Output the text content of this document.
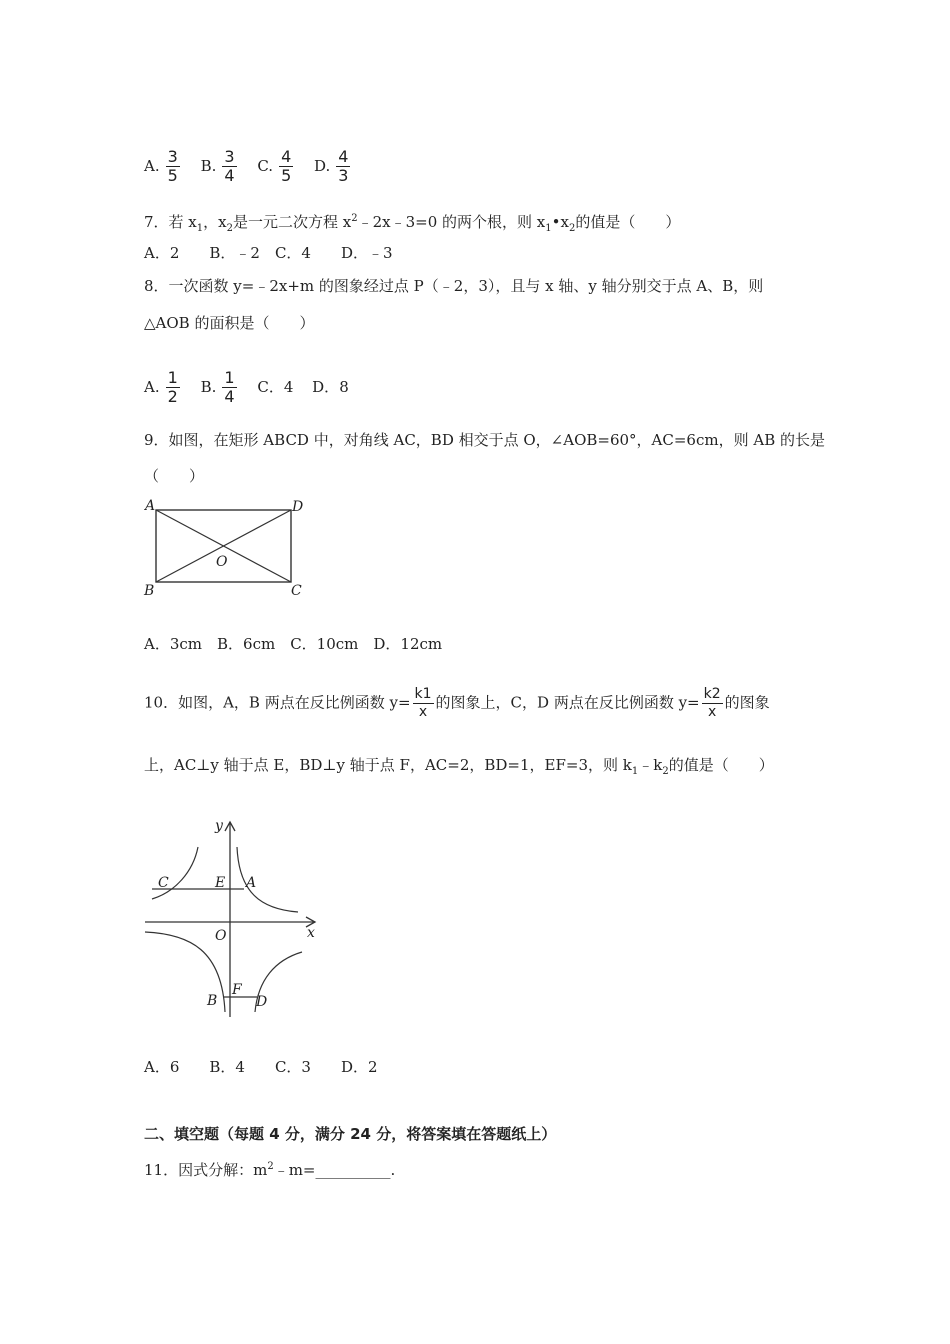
A. $\frac{3}{5} B$. $\frac{3}{4} C$. $\frac{4}{5} D$. $\frac{4}{3}$
7．若 $x_1$，$x_2$是一元二次方程 $x^2﹣2x﹣3=0$ 的两个根，则 $x_1•x_2$的值是（　　）
A．2　　B．﹣2　C．4　　D．﹣3
8．一次函数 y=﹣2x+m 的图象经过点 P（﹣2，3），且与 x 轴、y 轴分别交于点 A、B，则
△AOB 的面积是（　　）
A. $\frac{1}{2} B$. $\frac{1}{4}$ C．4 D．8
9．如图，在矩形 ABCD 中，对角线 AC，BD 相交于点 O，∠AOB=60°，AC=6cm，则 AB 的长是
（　　）
A	D
O
B	C
A．3cm　B．6cm　C．10cm　D．12cm
10．如图，A，B 两点在反比例函数 $y= \frac{k1}{x}$ 的图象上，C，D 两点在反比例函数 $y= \frac{k2}{x}$ 的图象
上，AC⊥y 轴于点 E，BD⊥y 轴于点 F，AC=2，BD=1，EF=3，则 $k_1﹣k_2$的值是（　　）
y
x
C	E A
O
B
F
D
A．6　　B．4　　C．3　　D．2
二、填空题（每题 4 分，满分 24 分，将答案填在答题纸上）
11．因式分解：$m^2﹣m=\_\_\_\_\_\_\_\_\_\_$.
